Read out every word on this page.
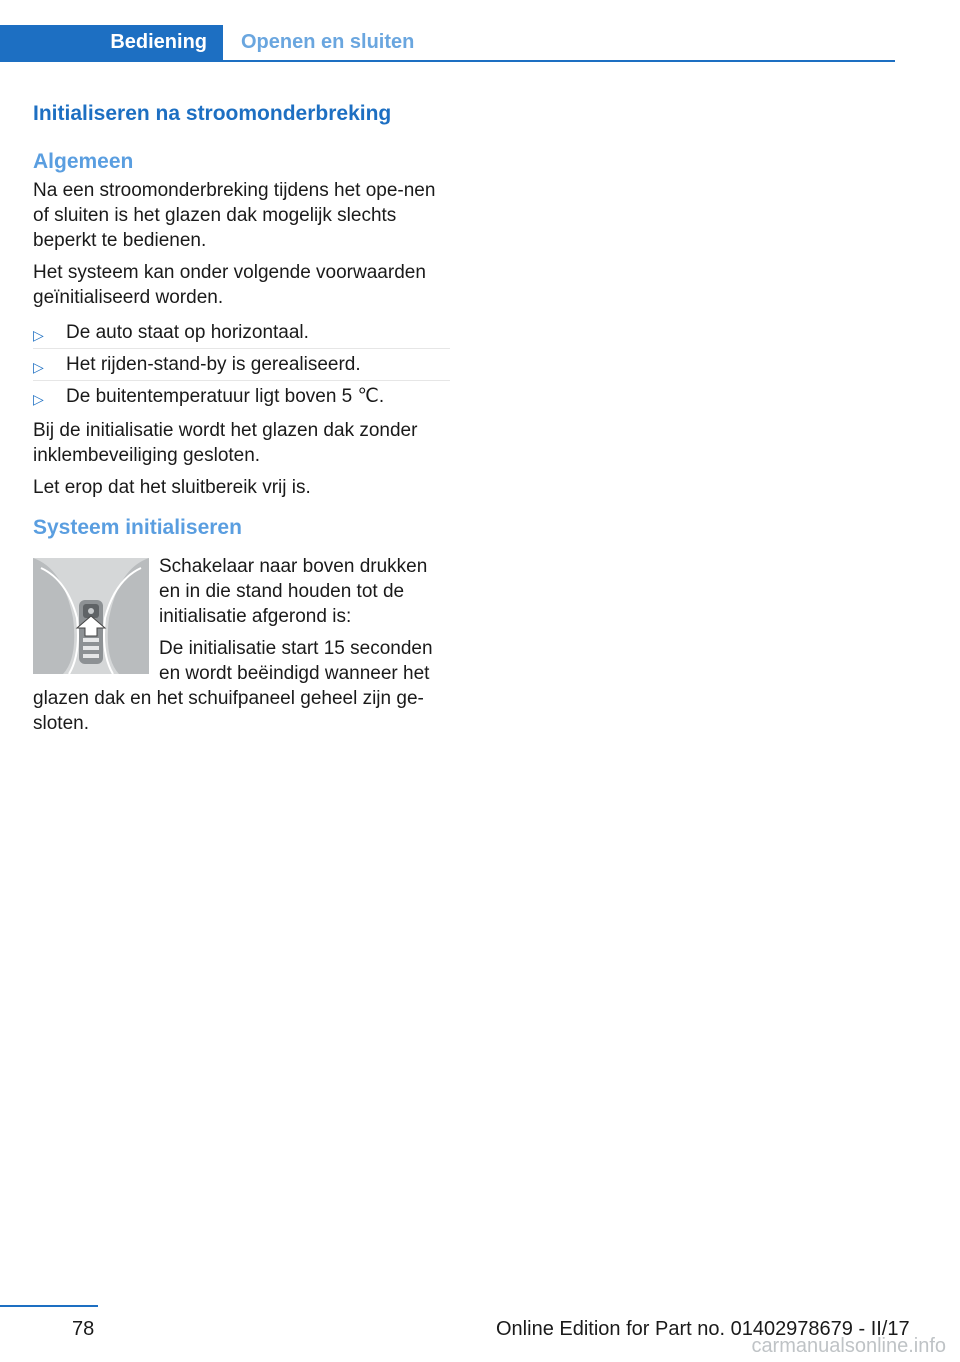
Bediening	Openen en sluiten
Initialiseren na stroomonderbreking
Algemeen

Na een stroomonderbreking tijdens het ope-nen of sluiten is het glazen dak mogelijk slechts beperkt te bedienen.

Het systeem kan onder volgende voorwaarden geïnitialiseerd worden.

▷ De auto staat op horizontaal.
▷ Het rijden-stand-by is gerealiseerd.
▷ De buitentemperatuur ligt boven 5 ℃.

Bij de initialisatie wordt het glazen dak zonder inklembeveiliging gesloten.

Let erop dat het sluitbereik vrij is.

Systeem initialiseren

Schakelaar naar boven drukken en in die stand houden tot de initialisatie afgerond is:

De initialisatie start 15 seconden en wordt beëindigd wanneer het glazen dak en het schuifpaneel geheel zijn ge-sloten.

78	Online Edition for Part no. 01402978679 - II/17
carmanualsonline.info
